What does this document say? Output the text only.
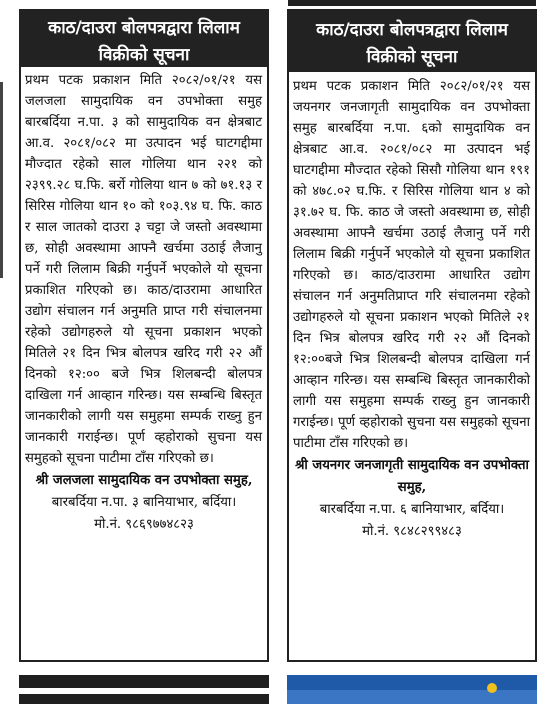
काठ/दाउरा बोलपत्रद्वारा लिलाम विक्रीको सूचना

प्रथम पटक प्रकाशन मिति २०८२/०१/२१ यस जलजला सामुदायिक वन उपभोक्ता समुह बारबर्दिया न.पा. ३ को सामुदायिक वन क्षेत्रबाट आ.व. २०८१/०८२ मा उत्पादन भई घाटगद्दीमा मौज्दात रहेको साल गोलिया थान २२१ को २३९९.२८ घ.फि. बर्रो गोलिया थान ७ को ७१.१३ र सिरिस गोलिया थान १० को १०३.९४ घ. फि. काठ र साल जातको दाउरा ३ चट्टा जे जस्तो अवस्थामा छ, सोही अवस्थामा आफ्नै खर्चमा उठाई लैजानु पर्ने गरी लिलाम बिक्री गर्नुपर्ने भएकोले यो सूचना प्रकाशित गरिएको छ। काठ/दाउरामा आधारित उद्योग संचालन गर्न अनुमति प्राप्त गरी संचालनमा रहेको उद्योगहरुले यो सूचना प्रकाशन भएको मितिले २१ दिन भित्र बोलपत्र खरिद गरी २२ औं दिनको १२:०० बजे भित्र शिलबन्दी बोलपत्र दाखिला गर्न आव्हान गरिन्छ। यस सम्बन्धि बिस्तृत जानकारीको लागी यस समुहमा सम्पर्क राख्नु हुन जानकारी गराईन्छ। पूर्ण व्हहोराको सुचना यस समुहको सूचना पाटीमा टाँस गरिएको छ।

श्री जलजला सामुदायिक वन उपभोक्ता समुह,
बारबर्दिया न.पा. ३ बानियाभार, बर्दिया।
मो.नं. ९८६९७७४८२३
काठ/दाउरा बोलपत्रद्वारा लिलाम विक्रीको सूचना

प्रथम पटक प्रकाशन मिति २०८२/०१/२१ यस जयनगर जनजागृती सामुदायिक वन उपभोक्ता समुह बारबर्दिया न.पा. ६को सामुदायिक वन क्षेत्रबाट आ.व. २०८१/०८२ मा उत्पादन भई घाटगद्दीमा मौज्दात रहेको सिसौ गोलिया थान १९१ को ४७८.०२ घ.फि. र सिरिस गोलिया थान ४ को ३१.७२ घ. फि. काठ जे जस्तो अवस्थामा छ, सोही अवस्थामा आफ्नै खर्चमा उठाई लैजानु पर्ने गरी लिलाम बिक्री गर्नुपर्ने भएकोले यो सूचना प्रकाशित गरिएको छ। काठ/दाउरामा आधारित उद्योग संचालन गर्न अनुमतिप्राप्त गरि संचालनमा रहेको उद्योगहरुले यो सूचना प्रकाशन भएको मितिले २१ दिन भित्र बोलपत्र खरिद गरी २२ औं दिनको १२:००बजे भित्र शिलबन्दी बोलपत्र दाखिला गर्न आव्हान गरिन्छ। यस सम्बन्धि बिस्तृत जानकारीको लागी यस समुहमा सम्पर्क राख्नु हुन जानकारी गराईन्छ। पूर्ण व्हहोराको सुचना यस समुहको सूचना पाटीमा टाँस गरिएको छ।

श्री जयनगर जनजागृती सामुदायिक वन उपभोक्ता समुह,
बारबर्दिया न.पा. ६ बानियाभार, बर्दिया।
मो.नं. ९८४८२९९४८३
